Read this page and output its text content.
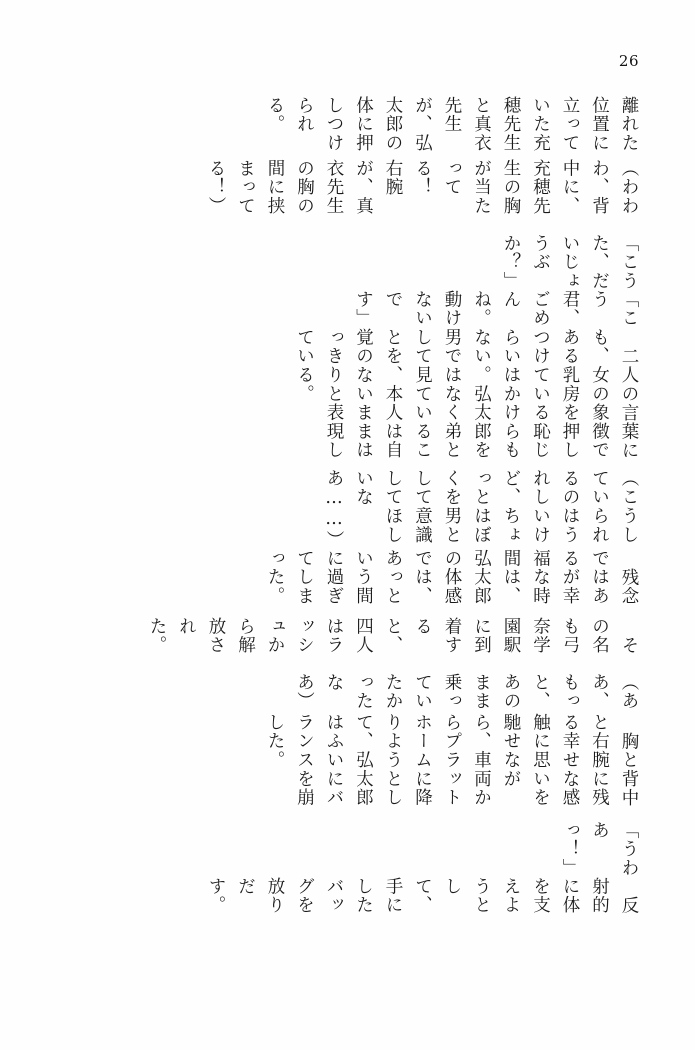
26

離れた位置に立っていた充穂先生と真衣先生が、弘太郎の体に押しつけられる。

（わわわ、背中に、充穂先生の胸が当たってる！　右腕が、真衣先生の胸の間に挟まってる！）

「こうた、だいじょうぶか？」

「こう君、ごめんね。動けないです」

二人の言葉にも、女の象徴である乳房を押しつけている恥じらいはかけらもない。弘太郎を男ではなく弟として見ていることを、本人は自覚のないままはっきりと表現している。

（こうしていられるのはうれしいけど、ちょっとはぼくを男として意識してほしいなあ……）

残念ではあるが幸福な時間は、弘太郎の体感では、あっという間に過ぎてしまった。

その名も弓奈学園駅に到着すると、四人はラッシュから解放された。

（ああ、もっと、あのまま乗っていたかったなあ）

胸と背中と右腕に残る幸せな感触に思いを馳せながら、車両からプラットホームに降りようとして、弘太郎はふいにバランスを崩した。

「うわあっ！」

反射的に体を支えようとして、手にしたバッグを放りだす。
